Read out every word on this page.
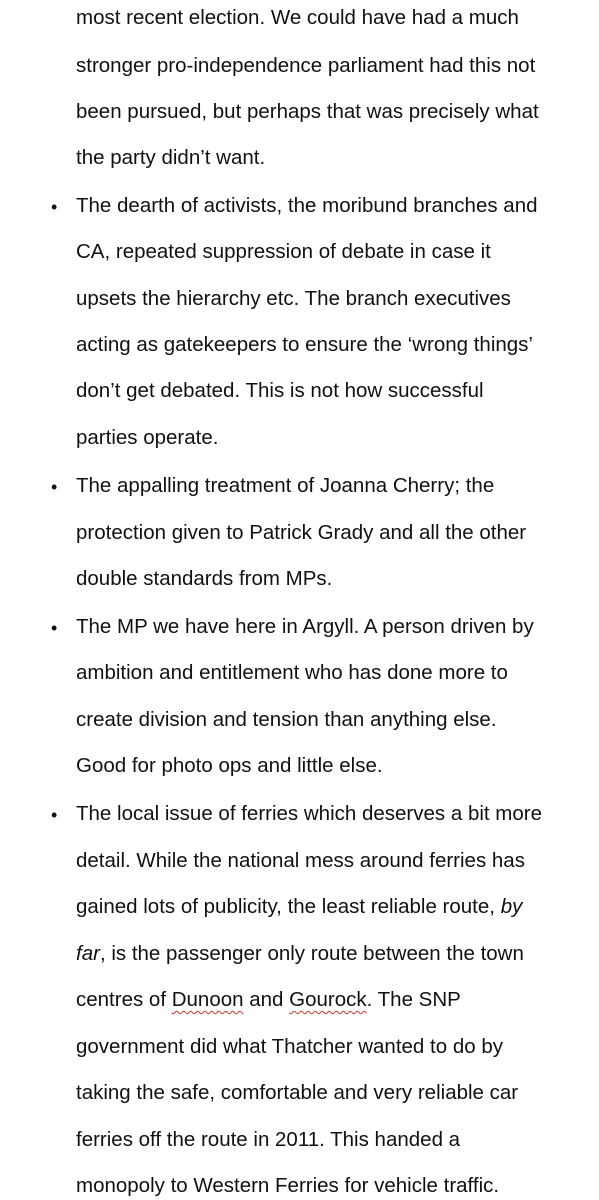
most recent election. We could have had a much
stronger pro-independence parliament had this not
been pursued, but perhaps that was precisely what
the party didn’t want.
• The dearth of activists, the moribund branches and
CA, repeated suppression of debate in case it
upsets the hierarchy etc. The branch executives
acting as gatekeepers to ensure the ‘wrong things’
don’t get debated. This is not how successful
parties operate.
• The appalling treatment of Joanna Cherry; the
protection given to Patrick Grady and all the other
double standards from MPs.
• The MP we have here in Argyll. A person driven by
ambition and entitlement who has done more to
create division and tension than anything else.
Good for photo ops and little else.
• The local issue of ferries which deserves a bit more
detail. While the national mess around ferries has
gained lots of publicity, the least reliable route, by
far, is the passenger only route between the town
centres of Dunoon and Gourock. The SNP
government did what Thatcher wanted to do by
taking the safe, comfortable and very reliable car
ferries off the route in 2011. This handed a
monopoly to Western Ferries for vehicle traffic.
